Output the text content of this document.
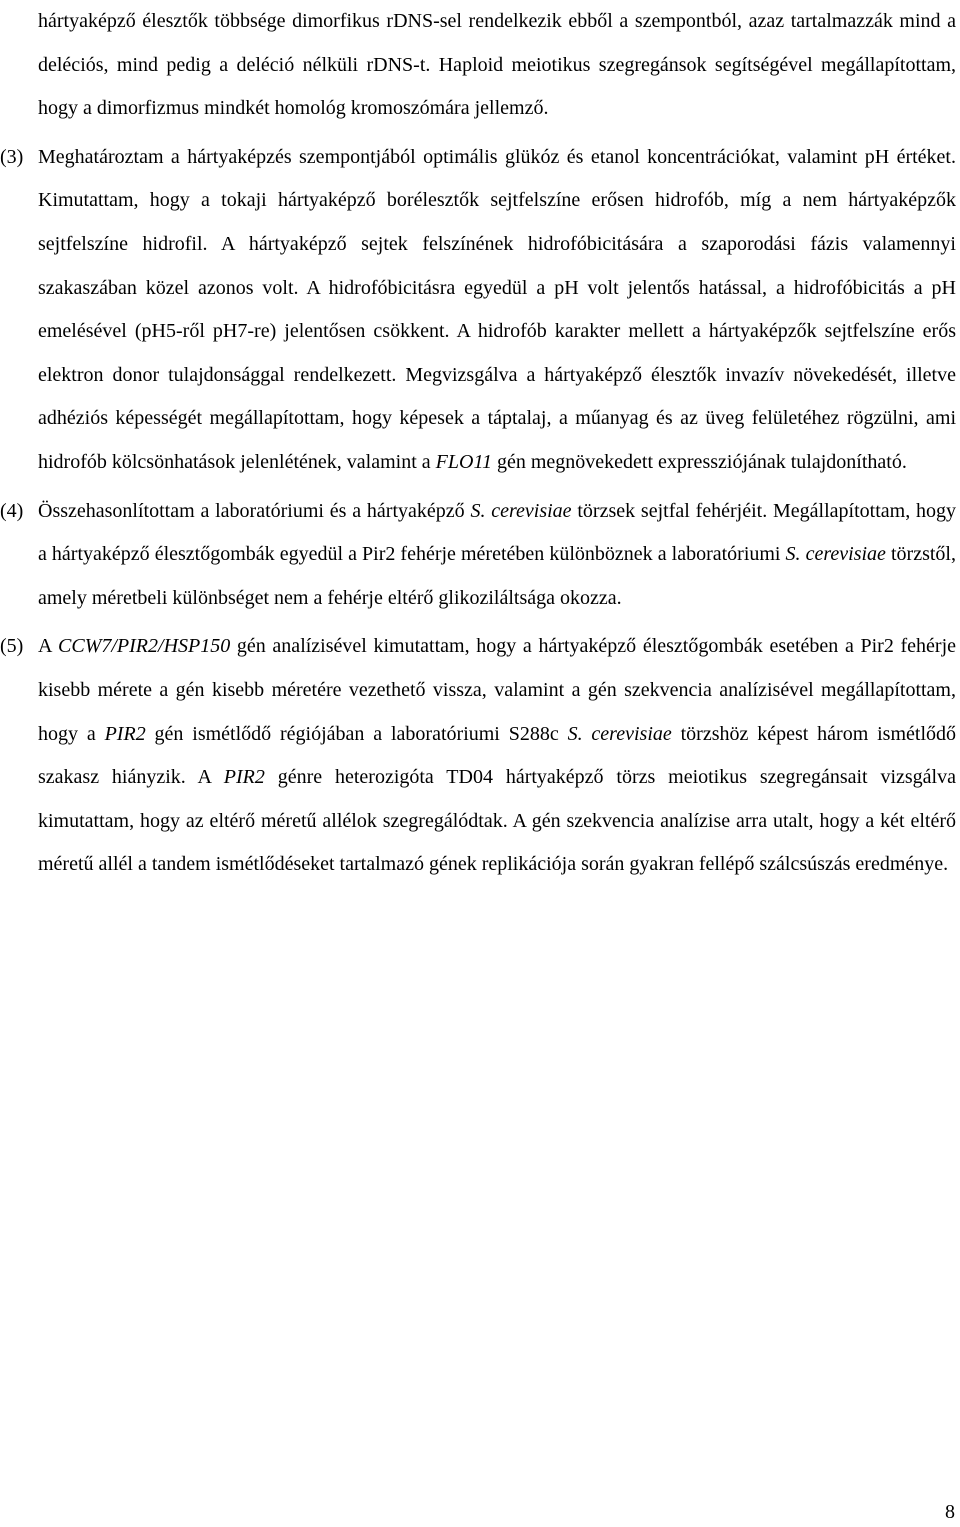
hártyaképző élesztők többsége dimorfikus rDNS-sel rendelkezik ebből a szempontból, azaz tartalmazzák mind a deléciós, mind pedig a deléció nélküli rDNS-t. Haploid meiotikus szegregánsok segítségével megállapítottam, hogy a dimorfizmus mindkét homológ kromoszómára jellemző.

(3) Meghatároztam a hártyaképzés szempontjából optimális glükóz és etanol koncentrációkat, valamint pH értéket. Kimutattam, hogy a tokaji hártyaképző borélesztők sejtfelszíne erősen hidrofób, míg a nem hártyaképzők sejtfelszíne hidrofil. A hártyaképző sejtek felszínének hidrofóbicitására a szaporodási fázis valamennyi szakaszában közel azonos volt. A hidrofóbicitásra egyedül a pH volt jelentős hatással, a hidrofóbicitás a pH emelésével (pH5-ről pH7-re) jelentősen csökkent. A hidrofób karakter mellett a hártyaképzők sejtfelszíne erős elektron donor tulajdonsággal rendelkezett. Megvizsgálva a hártyaképző élesztők invazív növekedését, illetve adhéziós képességét megállapítottam, hogy képesek a táptalaj, a műanyag és az üveg felületéhez rögzülni, ami hidrofób kölcsönhatások jelenlétének, valamint a FLO11 gén megnövekedett expressziójának tulajdonítható.

(4) Összehasonlítottam a laboratóriumi és a hártyaképző S. cerevisiae törzsek sejtfal fehérjéit. Megállapítottam, hogy a hártyaképző élesztőgombák egyedül a Pir2 fehérje méretében különböznek a laboratóriumi S. cerevisiae törzstől, amely méretbeli különbséget nem a fehérje eltérő glikoziláltsága okozza.

(5) A CCW7/PIR2/HSP150 gén analízisével kimutattam, hogy a hártyaképző élesztőgombák esetében a Pir2 fehérje kisebb mérete a gén kisebb méretére vezethető vissza, valamint a gén szekvencia analízisével megállapítottam, hogy a PIR2 gén ismétlődő régiójában a laboratóriumi S288c S. cerevisiae törzshöz képest három ismétlődő szakasz hiányzik. A PIR2 génre heterozigóta TD04 hártyaképző törzs meiotikus szegregánsait vizsgálva kimutattam, hogy az eltérő méretű allélok szegregálódtak. A gén szekvencia analízise arra utalt, hogy a két eltérő méretű allél a tandem ismétlődéseket tartalmazó gének replikációja során gyakran fellépő szálcsúszás eredménye.

8
